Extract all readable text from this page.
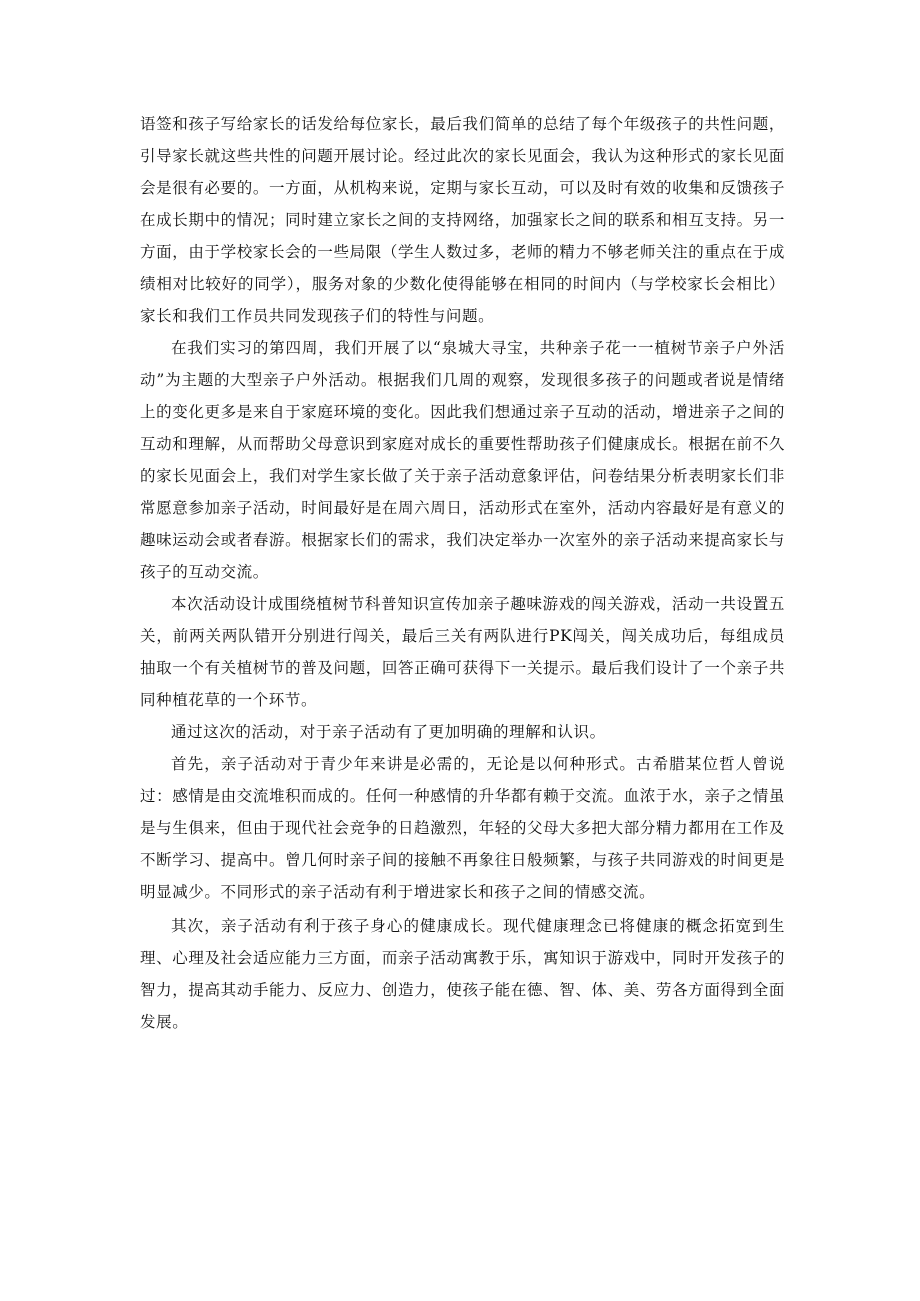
语签和孩子写给家长的话发给每位家长，最后我们简单的总结了每个年级孩子的共性问题，引导家长就这些共性的问题开展讨论。经过此次的家长见面会，我认为这种形式的家长见面会是很有必要的。一方面，从机构来说，定期与家长互动，可以及时有效的收集和反馈孩子在成长期中的情况；同时建立家长之间的支持网络，加强家长之间的联系和相互支持。另一方面，由于学校家长会的一些局限（学生人数过多，老师的精力不够老师关注的重点在于成绩相对比较好的同学），服务对象的少数化使得能够在相同的时间内（与学校家长会相比）家长和我们工作员共同发现孩子们的特性与问题。

在我们实习的第四周，我们开展了以“泉城大寻宝，共种亲子花一一植树节亲子户外活动”为主题的大型亲子户外活动。根据我们几周的观察，发现很多孩子的问题或者说是情绪上的变化更多是来自于家庭环境的变化。因此我们想通过亲子互动的活动，增进亲子之间的互动和理解，从而帮助父母意识到家庭对成长的重要性帮助孩子们健康成长。根据在前不久的家长见面会上，我们对学生家长做了关于亲子活动意象评估，问卷结果分析表明家长们非常愿意参加亲子活动，时间最好是在周六周日，活动形式在室外，活动内容最好是有意义的趣味运动会或者春游。根据家长们的需求，我们决定举办一次室外的亲子活动来提高家长与孩子的互动交流。

本次活动设计成围绕植树节科普知识宣传加亲子趣味游戏的闯关游戏，活动一共设置五关，前两关两队错开分别进行闯关，最后三关有两队进行PK闯关，闯关成功后，每组成员抽取一个有关植树节的普及问题，回答正确可获得下一关提示。最后我们设计了一个亲子共同种植花草的一个环节。

通过这次的活动，对于亲子活动有了更加明确的理解和认识。

首先，亲子活动对于青少年来讲是必需的，无论是以何种形式。古希腊某位哲人曾说过：感情是由交流堆积而成的。任何一种感情的升华都有赖于交流。血浓于水，亲子之情虽是与生俱来，但由于现代社会竞争的日趋激烈，年轻的父母大多把大部分精力都用在工作及不断学习、提高中。曾几何时亲子间的接触不再象往日般频繁，与孩子共同游戏的时间更是明显减少。不同形式的亲子活动有利于增进家长和孩子之间的情感交流。

其次，亲子活动有利于孩子身心的健康成长。现代健康理念已将健康的概念拓宽到生理、心理及社会适应能力三方面，而亲子活动寓教于乐，寓知识于游戏中，同时开发孩子的智力，提高其动手能力、反应力、创造力，使孩子能在德、智、体、美、劳各方面得到全面发展。
